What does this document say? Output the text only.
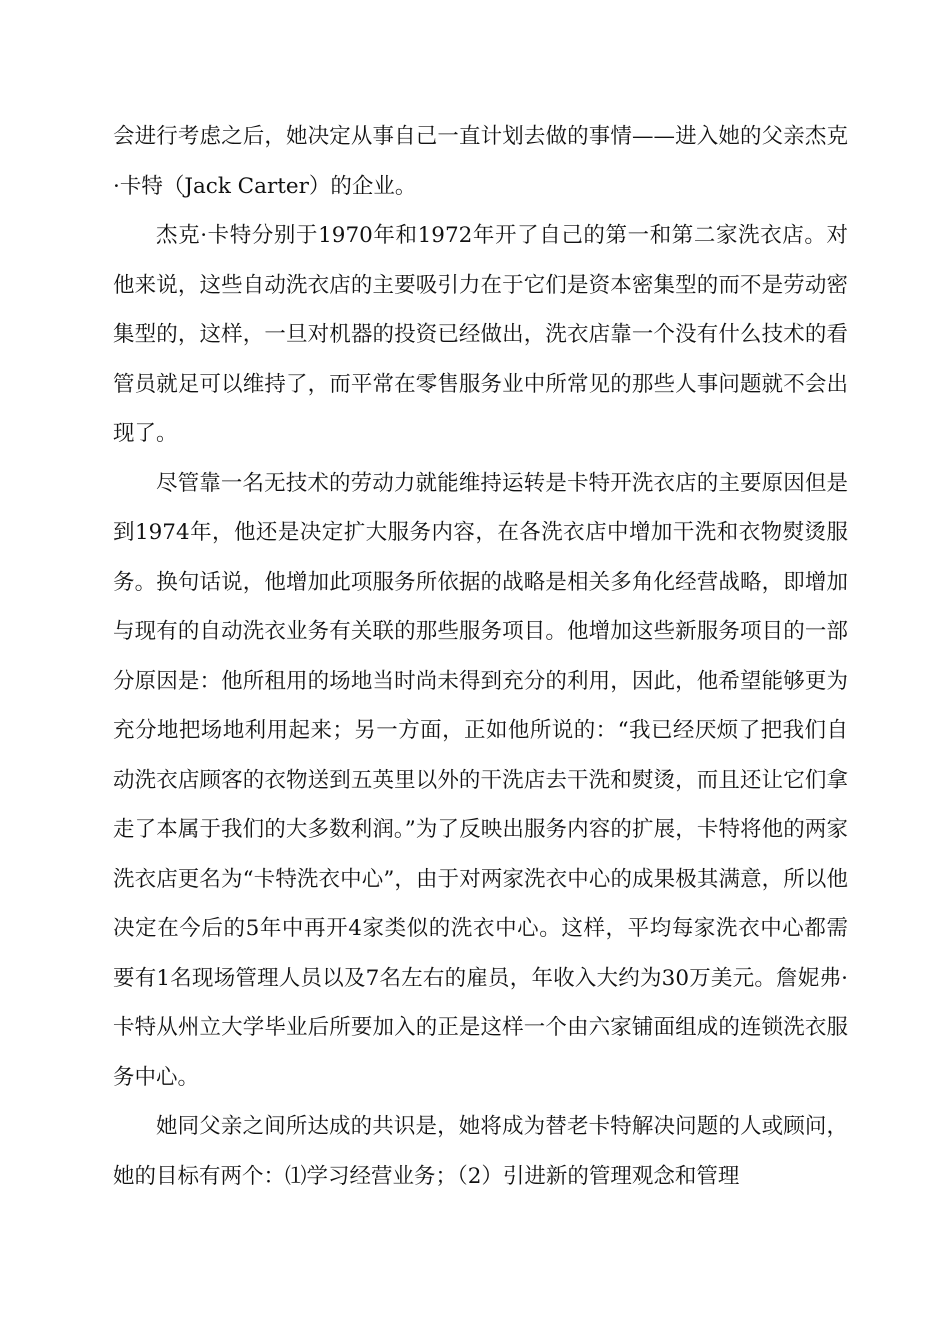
会进行考虑之后，她决定从事自己一直计划去做的事情——进入她的父亲杰克·卡特（Jack Carter）的企业。

杰克·卡特分别于1970年和1972年开了自己的第一和第二家洗衣店。对他来说，这些自动洗衣店的主要吸引力在于它们是资本密集型的而不是劳动密集型的，这样，一旦对机器的投资已经做出，洗衣店靠一个没有什么技术的看管员就足可以维持了，而平常在零售服务业中所常见的那些人事问题就不会出现了。

尽管靠一名无技术的劳动力就能维持运转是卡特开洗衣店的主要原因但是到1974年，他还是决定扩大服务内容，在各洗衣店中增加干洗和衣物熨烫服务。换句话说，他增加此项服务所依据的战略是相关多角化经营战略，即增加与现有的自动洗衣业务有关联的那些服务项目。他增加这些新服务项目的一部分原因是：他所租用的场地当时尚未得到充分的利用，因此，他希望能够更为充分地把场地利用起来；另一方面，正如他所说的：“我已经厌烦了把我们自动洗衣店顾客的衣物送到五英里以外的干洗店去干洗和熨烫，而且还让它们拿走了本属于我们的大多数利润。”为了反映出服务内容的扩展，卡特将他的两家洗衣店更名为“卡特洗衣中心”，由于对两家洗衣中心的成果极其满意，所以他决定在今后的5年中再开4家类似的洗衣中心。这样，平均每家洗衣中心都需要有1名现场管理人员以及7名左右的雇员，年收入大约为30万美元。詹妮弗·卡特从州立大学毕业后所要加入的正是这样一个由六家铺面组成的连锁洗衣服务中心。

她同父亲之间所达成的共识是，她将成为替老卡特解决问题的人或顾问，她的目标有两个：⑴学习经营业务；（2）引进新的管理观念和管理
